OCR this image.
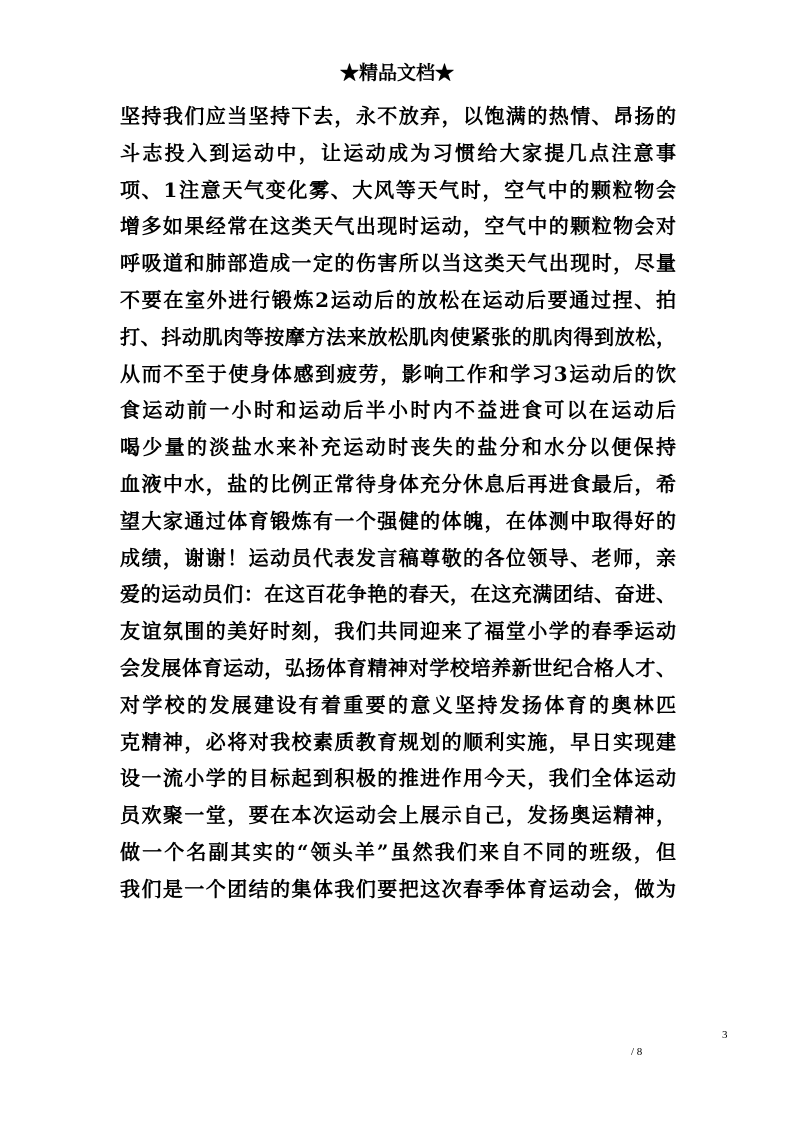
★精品文档★
坚持我们应当坚持下去，永不放弃，以饱满的热情、昂扬的
斗志投入到运动中，让运动成为习惯给大家提几点注意事
项、1注意天气变化雾、大风等天气时，空气中的颗粒物会
增多如果经常在这类天气出现时运动，空气中的颗粒物会对
呼吸道和肺部造成一定的伤害所以当这类天气出现时，尽量
不要在室外进行锻炼2运动后的放松在运动后要通过捏、拍
打、抖动肌肉等按摩方法来放松肌肉使紧张的肌肉得到放松，
从而不至于使身体感到疲劳，影响工作和学习3运动后的饮
食运动前一小时和运动后半小时内不益进食可以在运动后
喝少量的淡盐水来补充运动时丧失的盐分和水分以便保持
血液中水，盐的比例正常待身体充分休息后再进食最后，希
望大家通过体育锻炼有一个强健的体魄，在体测中取得好的
成绩，谢谢！运动员代表发言稿尊敬的各位领导、老师，亲
爱的运动员们：在这百花争艳的春天，在这充满团结、奋进、
友谊氛围的美好时刻，我们共同迎来了福堂小学的春季运动
会发展体育运动，弘扬体育精神对学校培养新世纪合格人才、
对学校的发展建设有着重要的意义坚持发扬体育的奥林匹
克精神，必将对我校素质教育规划的顺利实施，早日实现建
设一流小学的目标起到积极的推进作用今天，我们全体运动
员欢聚一堂，要在本次运动会上展示自己，发扬奥运精神，
做一个名副其实的“领头羊”虽然我们来自不同的班级，但
我们是一个团结的集体我们要把这次春季体育运动会，做为
3
/ 8
